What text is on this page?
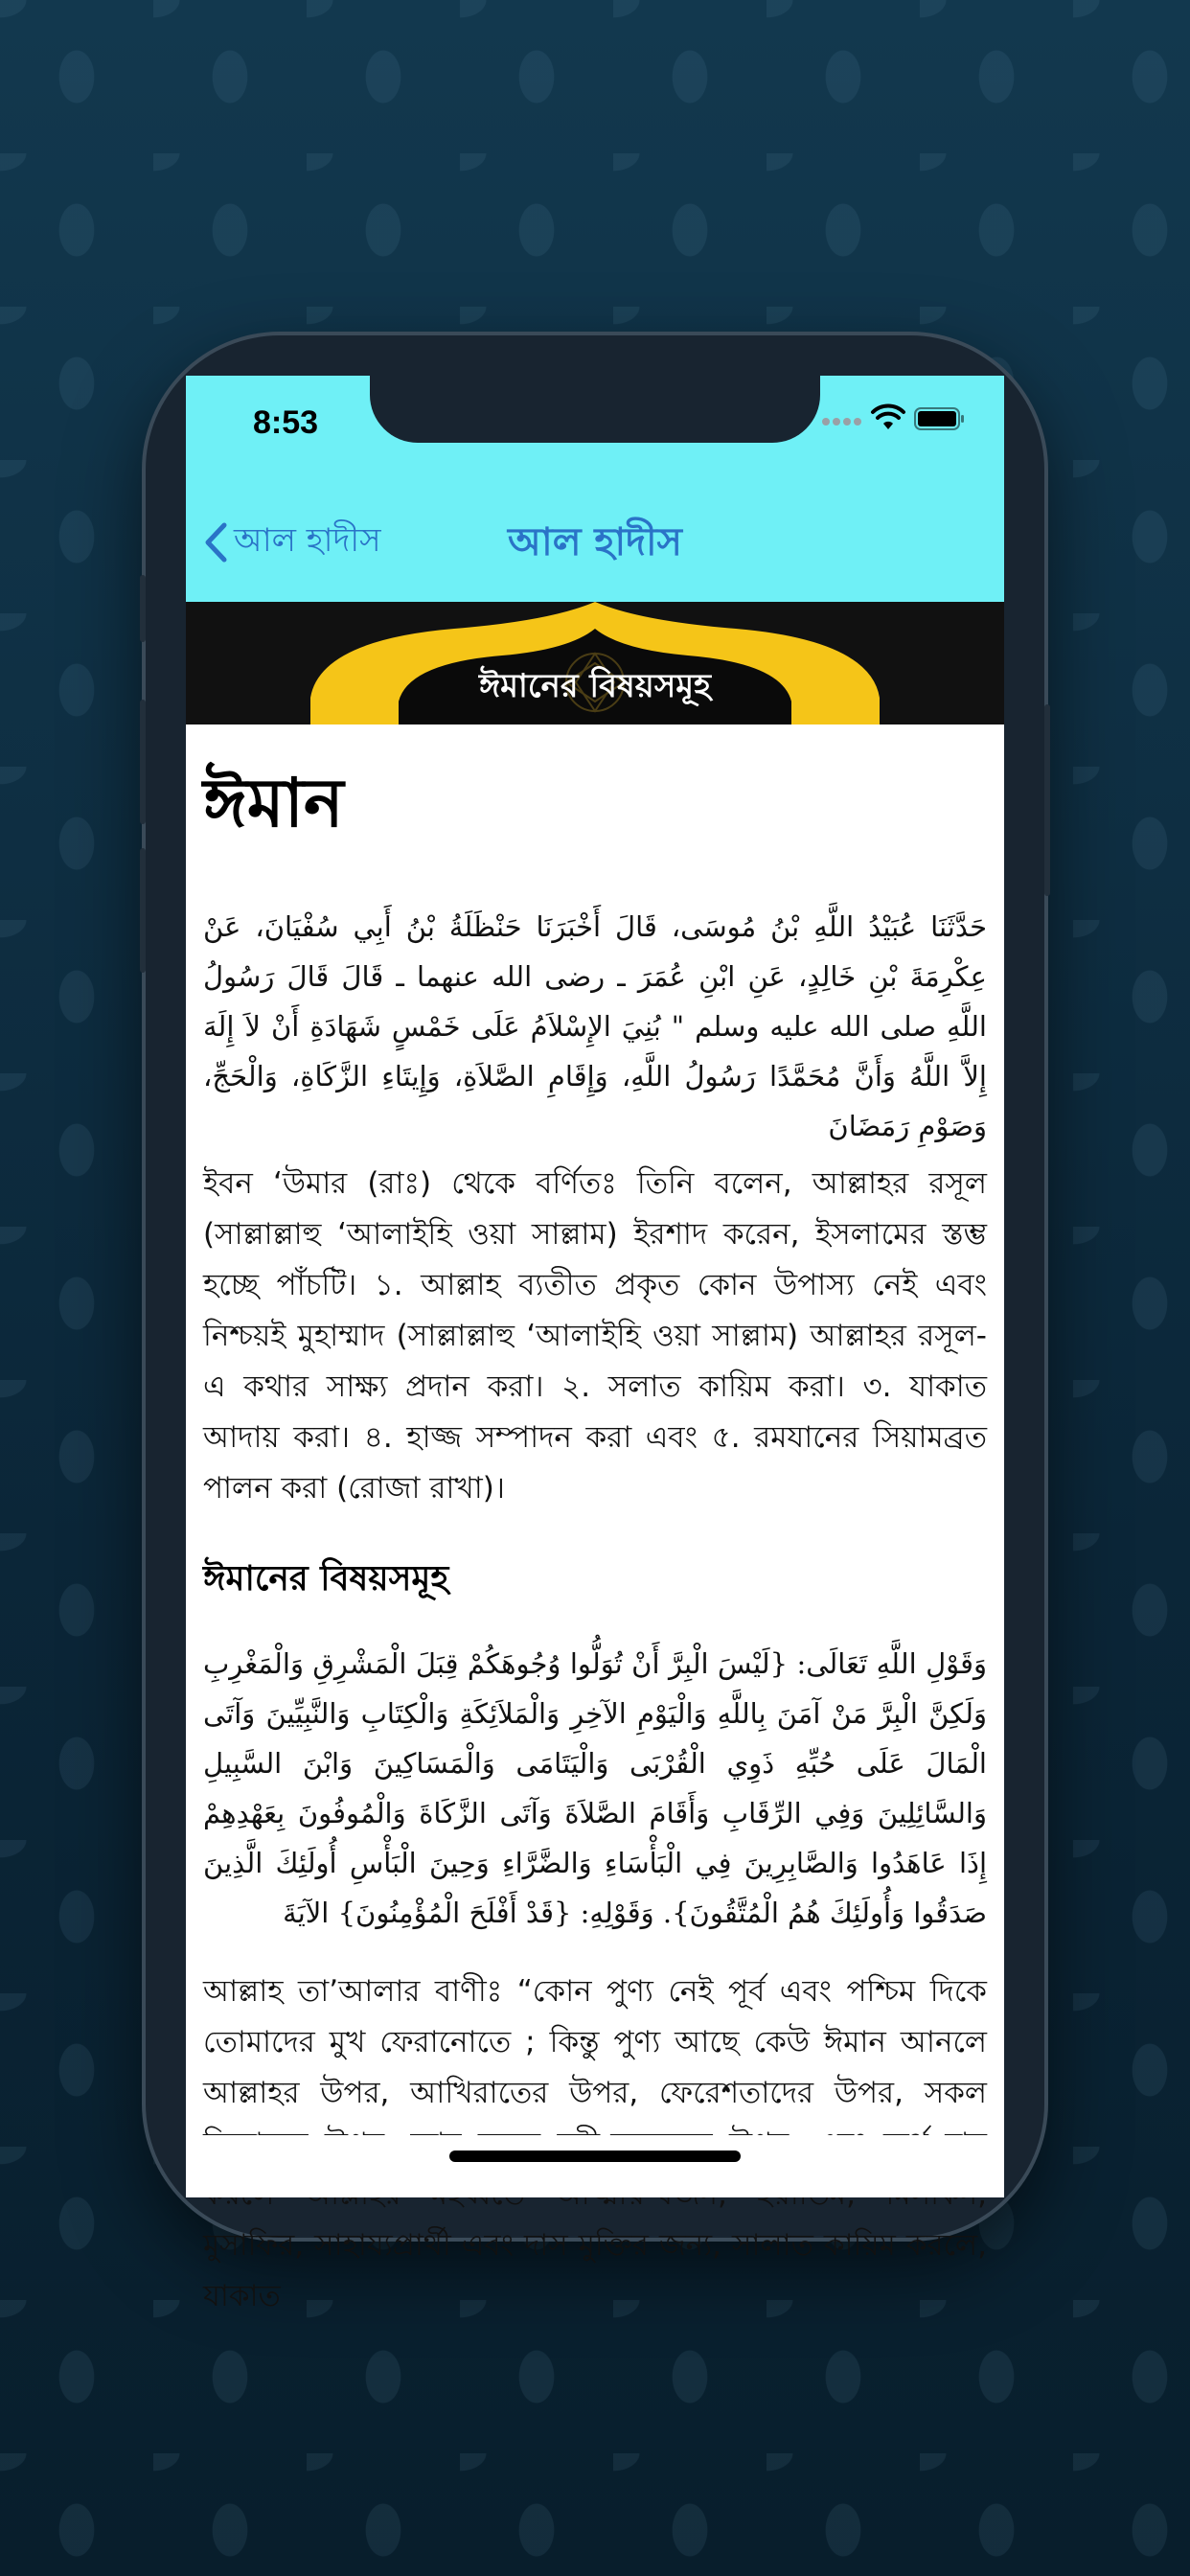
8:53
আল হাদীস	আল হাদীস
ঈমানের বিষয়সমূহ
ঈমান

حَدَّثَنَا عُبَيْدُ اللَّهِ بْنُ مُوسَى، قَالَ أَخْبَرَنَا حَنْظَلَةُ بْنُ أَبِي سُفْيَانَ، عَنْ عِكْرِمَةَ بْنِ خَالِدٍ، عَنِ ابْنِ عُمَرَ ـ رضى الله عنهما ـ قَالَ قَالَ رَسُولُ اللَّهِ صلى الله عليه وسلم " بُنِيَ الإِسْلاَمُ عَلَى خَمْسٍ شَهَادَةِ أَنْ لاَ إِلَهَ إِلاَّ اللَّهُ وَأَنَّ مُحَمَّدًا رَسُولُ اللَّهِ، وَإِقَامِ الصَّلاَةِ، وَإِيتَاءِ الزَّكَاةِ، وَالْحَجِّ، وَصَوْمِ رَمَضَانَ

ইবন ‘উমার (রাঃ) থেকে বর্ণিতঃ তিনি বলেন, আল্লাহর রসূল (সাল্লাল্লাহু ‘আলাইহি ওয়া সাল্লাম) ইরশাদ করেন, ইসলামের স্তম্ভ হচ্ছে পাঁচটি। ১. আল্লাহ ব্যতীত প্রকৃত কোন উপাস্য নেই এবং নিশ্চয়ই মুহাম্মাদ (সাল্লাল্লাহু ‘আলাইহি ওয়া সাল্লাম) আল্লাহর রসূল-এ কথার সাক্ষ্য প্রদান করা। ২. সলাত কায়িম করা। ৩. যাকাত আদায় করা। ৪. হাজ্জ সম্পাদন করা এবং ৫. রমযানের সিয়ামব্রত পালন করা (রোজা রাখা)।

ঈমানের বিষয়সমূহ

وَقَوْلِ اللَّهِ تَعَالَى: {لَيْسَ الْبِرَّ أَنْ تُوَلُّوا وُجُوهَكُمْ قِبَلَ الْمَشْرِقِ وَالْمَغْرِبِ وَلَكِنَّ الْبِرَّ مَنْ آمَنَ بِاللَّهِ وَالْيَوْمِ الآخِرِ وَالْمَلاَئِكَةِ وَالْكِتَابِ وَالنَّبِيِّينَ وَآتَى الْمَالَ عَلَى حُبِّهِ ذَوِي الْقُرْبَى وَالْيَتَامَى وَالْمَسَاكِينَ وَابْنَ السَّبِيلِ وَالسَّائِلِينَ وَفِي الرِّقَابِ وَأَقَامَ الصَّلاَةَ وَآتَى الزَّكَاةَ وَالْمُوفُونَ بِعَهْدِهِمْ إِذَا عَاهَدُوا وَالصَّابِرِينَ فِي الْبَأْسَاءِ وَالضَّرَّاءِ وَحِينَ الْبَأْسِ أُولَئِكَ الَّذِينَ صَدَقُوا وَأُولَئِكَ هُمُ الْمُتَّقُونَ}. وَقَوْلِهِ: {قَدْ أَفْلَحَ الْمُؤْمِنُونَ} الآيَةَ

আল্লাহ তা’আলার বাণীঃ “কোন পুণ্য নেই পূর্ব এবং পশ্চিম দিকে তোমাদের মুখ ফেরানোতে ; কিন্তু পুণ্য আছে কেউ ঈমান আনলে আল্লাহর উপর, আখিরাতের উপর, ফেরেশতাদের উপর, সকল মুসাফির, সাহায্যপ্রার্থী এবং দাস মুক্তির জন্য, সালাত কায়িম করলে, যাকাত
